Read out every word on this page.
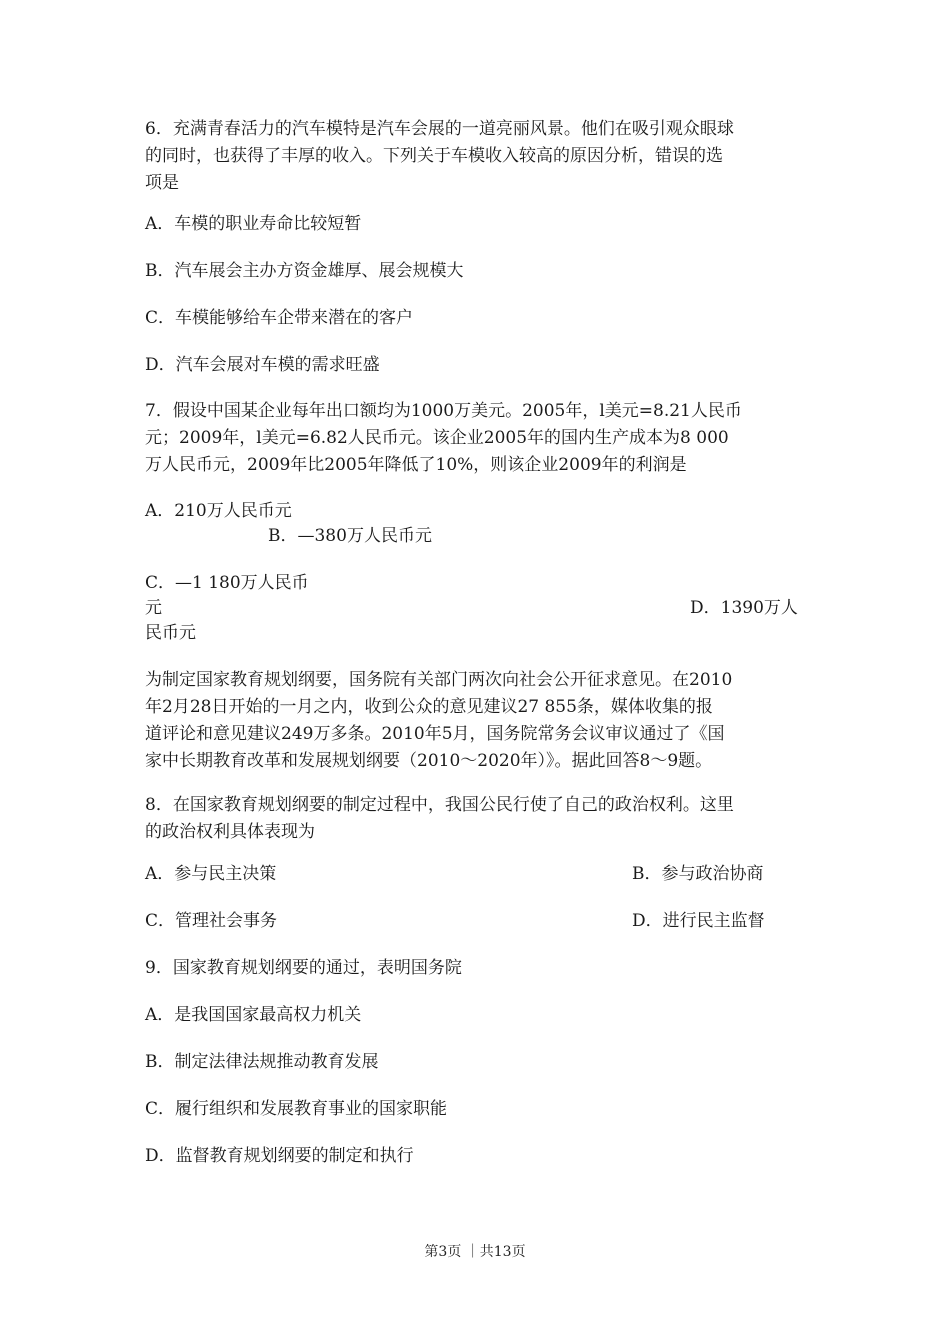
6．充满青春活力的汽车模特是汽车会展的一道亮丽风景。他们在吸引观众眼球
的同时，也获得了丰厚的收入。下列关于车模收入较高的原因分析，错误的选
项是
A．车模的职业寿命比较短暂
B．汽车展会主办方资金雄厚、展会规模大
C．车模能够给车企带来潜在的客户
D．汽车会展对车模的需求旺盛
7．假设中国某企业每年出口额均为1000万美元。2005年，l美元=8.21人民币
元；2009年，l美元=6.82人民币元。该企业2005年的国内生产成本为8 000
万人民币元，2009年比2005年降低了10%，则该企业2009年的利润是
A．210万人民币元
B．—380万人民币元
C．—1 180万人民币
元	D．1390万人
民币元
为制定国家教育规划纲要，国务院有关部门两次向社会公开征求意见。在2010
年2月28日开始的一月之内，收到公众的意见建议27 855条，媒体收集的报
道评论和意见建议249万多条。2010年5月，国务院常务会议审议通过了《国
家中长期教育改革和发展规划纲要（2010～2020年）》。据此回答8～9题。
8．在国家教育规划纲要的制定过程中，我国公民行使了自己的政治权利。这里
的政治权利具体表现为
A．参与民主决策	B．参与政治协商
C．管理社会事务	D．进行民主监督
9．国家教育规划纲要的通过，表明国务院
A．是我国国家最高权力机关
B．制定法律法规推动教育发展
C．履行组织和发展教育事业的国家职能
D．监督教育规划纲要的制定和执行
第3页 ｜共13页
